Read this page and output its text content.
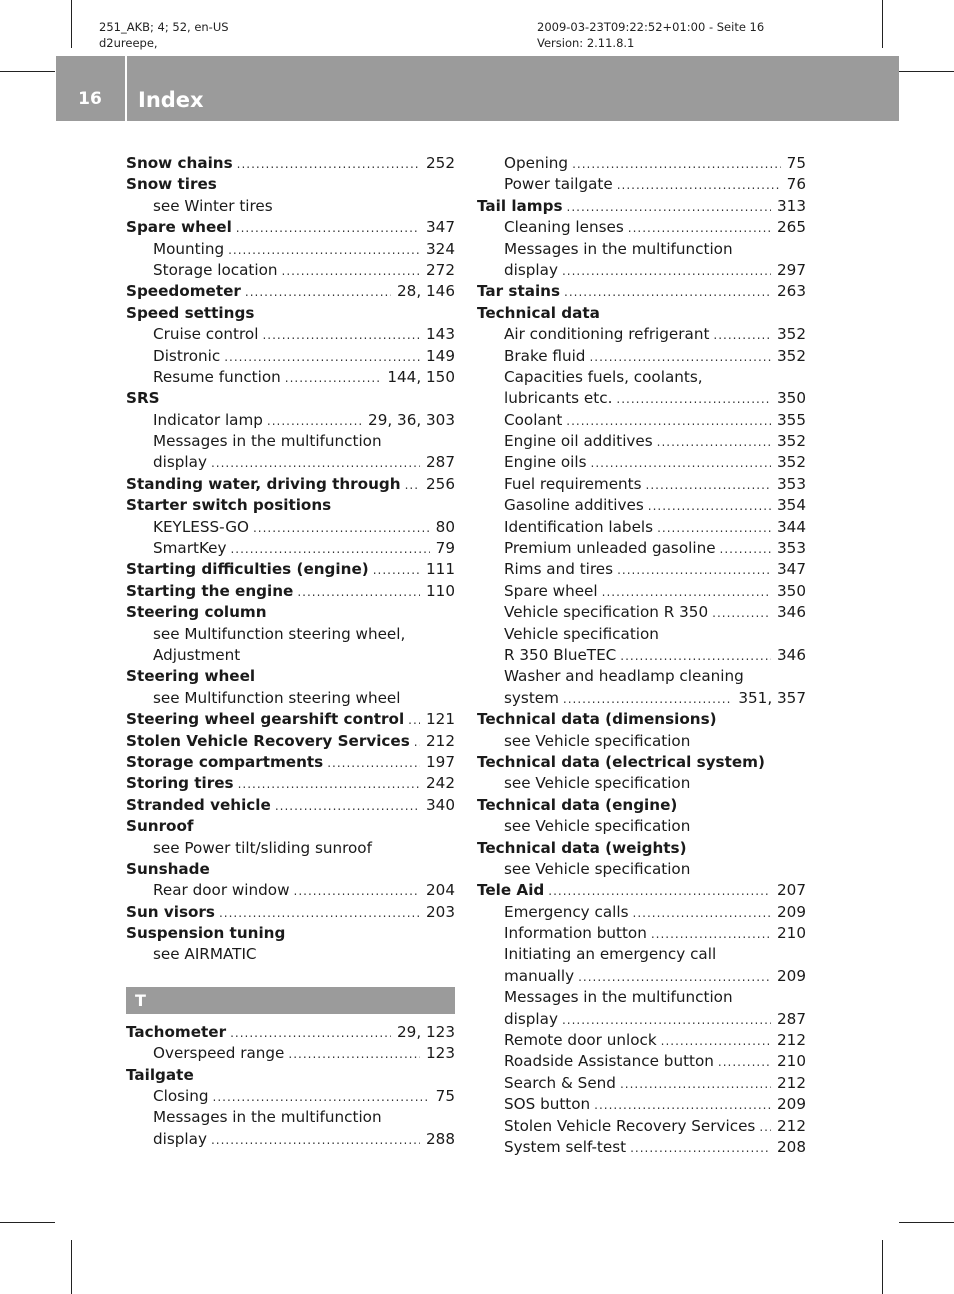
251_AKB; 4; 52, en-US
d2ureepe,
2009-03-23T09:22:52+01:00 - Seite 16
Version: 2.11.8.1
16	Index
Snow chains .....	252
Snow tires
see Winter tires
Spare wheel .....	347
Mounting .....	324
Storage location .....	272
Speedometer .....	28, 146
Speed settings
Cruise control .....	143
Distronic .....	149
Resume function .....	144, 150
SRS
Indicator lamp .....	29, 36, 303
Messages in the multifunction
display .....	287
Standing water, driving through ..... 256
Starter switch positions
KEYLESS-GO .....	80
SmartKey .....	79
Starting difficulties (engine) .....	111
Starting the engine .....	110
Steering column
see Multifunction steering wheel,
Adjustment
Steering wheel
see Multifunction steering wheel
Steering wheel gearshift control ..... 121
Stolen Vehicle Recovery Services ..... 212
Storage compartments .....	197
Storing tires .....	242
Stranded vehicle .....	340
Sunroof
see Power tilt/sliding sunroof
Sunshade
Rear door window .....	204
Sun visors .....	203
Suspension tuning
see AIRMATIC
T
Tachometer .....	29, 123
Overspeed range .....	123
Tailgate
Closing .....	75
Messages in the multifunction
display .....	288
Opening .....	75
Power tailgate .....	76
Tail lamps .....	313
Cleaning lenses .....	265
Messages in the multifunction
display .....	297
Tar stains .....	263
Technical data
Air conditioning refrigerant .....	352
Brake fluid .....	352
Capacities fuels, coolants,
lubricants etc. .....	350
Coolant .....	355
Engine oil additives .....	352
Engine oils .....	352
Fuel requirements .....	353
Gasoline additives .....	354
Identification labels .....	344
Premium unleaded gasoline .....	353
Rims and tires .....	347
Spare wheel .....	350
Vehicle specification R 350 .....	346
Vehicle specification
R 350 BlueTEC .....	346
Washer and headlamp cleaning
system .....	351, 357
Technical data (dimensions)
see Vehicle specification
Technical data (electrical system)
see Vehicle specification
Technical data (engine)
see Vehicle specification
Technical data (weights)
see Vehicle specification
Tele Aid .....	207
Emergency calls .....	209
Information button .....	210
Initiating an emergency call
manually .....	209
Messages in the multifunction
display .....	287
Remote door unlock .....	212
Roadside Assistance button .....	210
Search & Send .....	212
SOS button .....	209
Stolen Vehicle Recovery Services ..... 212
System self-test .....	208
